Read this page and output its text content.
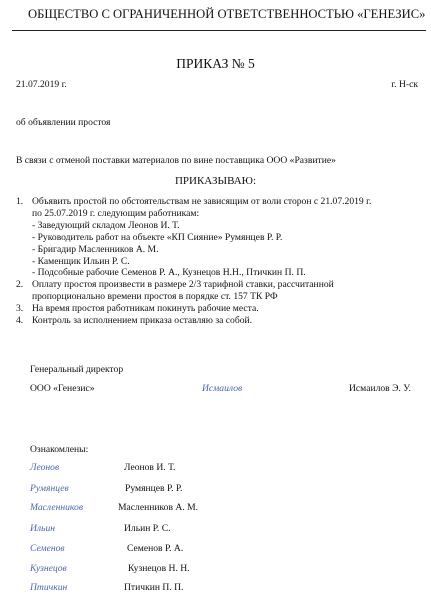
ОБЩЕСТВО С ОГРАНИЧЕННОЙ ОТВЕТСТВЕННОСТЬЮ «ГЕНЕЗИС»
ПРИКАЗ № 5
21.07.2019 г.	г. Н-ск
об объявлении простоя
В связи с отменой поставки материалов по вине поставщика ООО «Развитие»
ПРИКАЗЫВАЮ:
1. Объявить простой по обстоятельствам не зависящим от воли сторон с 21.07.2019 г.
по 25.07.2019 г. следующим работникам:
- Заведующий складом Леонов И. Т.
- Руководитель работ на объекте «КП Сияние» Румянцев Р. Р.
- Бригадир Масленников А. М.
- Каменщик Ильин Р. С.
- Подсобные рабочие Семенов Р. А., Кузнецов Н.Н., Птичкин П. П.
2. Оплату простоя произвести в размере 2/3 тарифной ставки, рассчитанной
пропорционально времени простоя в порядке ст. 157 ТК РФ
3. На время простоя работникам покинуть рабочие места.
4. Контроль за исполнением приказа оставляю за собой.
Генеральный директор
ООО «Генезис»	Исмаилов	Исмаилов Э. У.
Ознакомлены:
Леонов	Леонов И. Т.
Румянцев	Румянцев Р. Р.
Масленников	Масленников А. М.
Ильин	Ильин Р. С.
Семенов	Семенов Р. А.
Кузнецов	Кузнецов Н. Н.
Птичкин	Птичкин П. П.
